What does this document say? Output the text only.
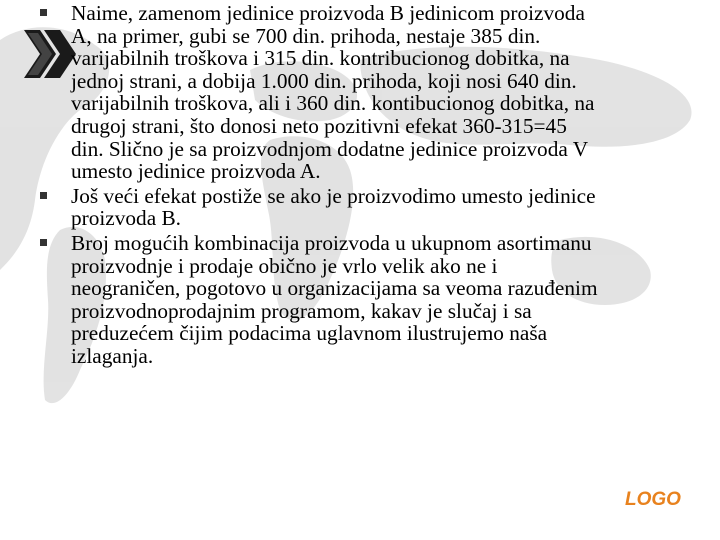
Naime, zamenom jedinice proizvoda B jedinicom proizvoda
A, na primer, gubi se 700 din. prihoda, nestaje 385 din.
varijabilnih troškova i 315 din. kontribucionog dobitka, na
jednoj strani, a dobija 1.000 din. prihoda, koji nosi 640 din.
varijabilnih troškova, ali i 360 din. kontibucionog dobitka, na
drugoj strani, što donosi neto pozitivni efekat 360-315=45
din. Slično je sa proizvodnjom dodatne jedinice proizvoda V
umesto jedinice proizvoda A.
Još veći efekat postiže se ako je proizvodimo umesto jedinice
proizvoda B.
Broj mogućih kombinacija proizvoda u ukupnom asortimanu
proizvodnje i prodaje obično je vrlo velik ako ne i
neograničen, pogotovo u organizacijama sa veoma razuđenim
proizvodnoprodajnim programom, kakav je slučaj i sa
preduzećem čijim podacima uglavnom ilustrujemo naša
izlaganja.
LOGO
